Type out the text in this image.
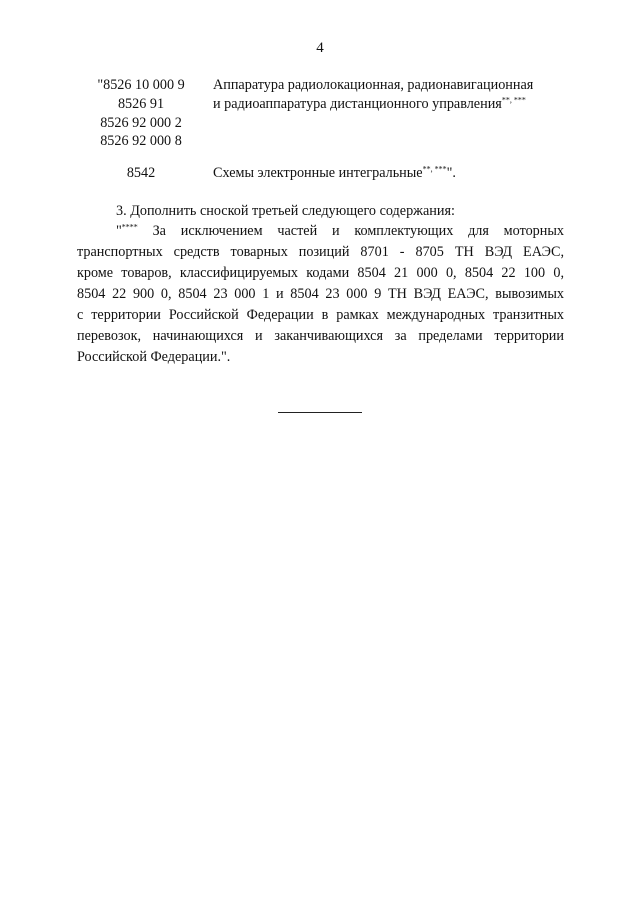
4
"8526 10 000 9
8526 91
8526 92 000 2
8526 92 000 8
Аппаратура радиолокационная, радионавигационная
и радиоаппаратура дистанционного управления**, ***
8542	Схемы электронные интегральные**, ***".
3. Дополнить сноской третьей следующего содержания:
"**** За исключением частей и комплектующих для моторных
транспортных средств товарных позиций 8701 - 8705 ТН ВЭД ЕАЭС,
кроме товаров, классифицируемых кодами 8504 21 000 0, 8504 22 100 0,
8504 22 900 0, 8504 23 000 1 и 8504 23 000 9 ТН ВЭД ЕАЭС, вывозимых
с территории Российской Федерации в рамках международных транзитных
перевозок, начинающихся и заканчивающихся за пределами территории
Российской Федерации.".
